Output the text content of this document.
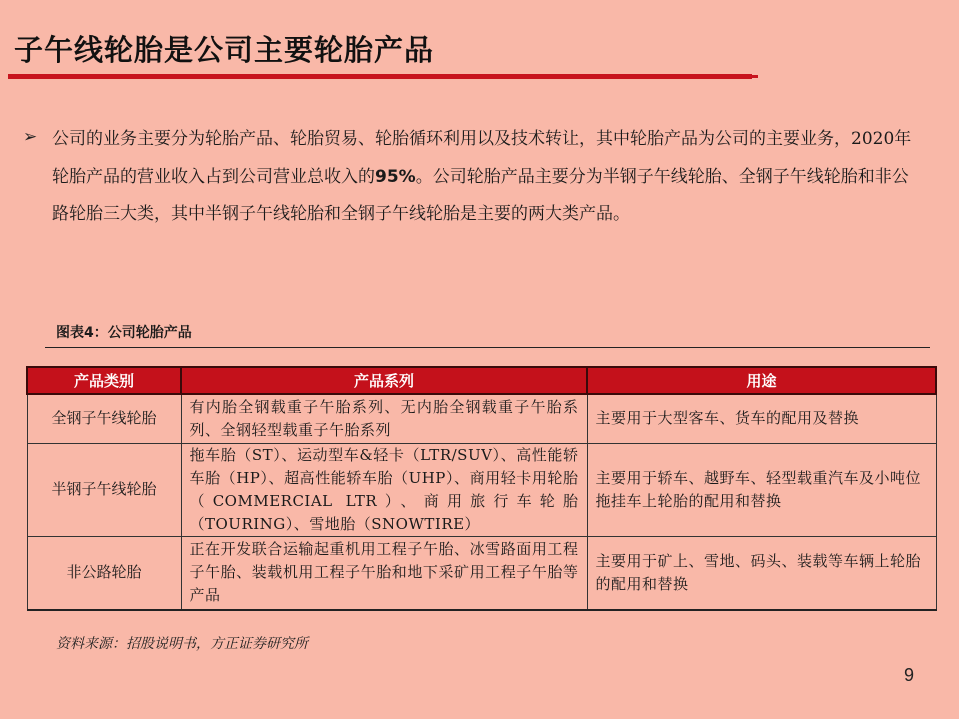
子午线轮胎是公司主要轮胎产品
➢ 公司的业务主要分为轮胎产品、轮胎贸易、轮胎循环利用以及技术转让，其中轮胎产品为公司的主要业务，2020年轮胎产品的营业收入占到公司营业总收入的95%。公司轮胎产品主要分为半钢子午线轮胎、全钢子午线轮胎和非公路轮胎三大类，其中半钢子午线轮胎和全钢子午线轮胎是主要的两大类产品。
图表4：公司轮胎产品
产品类别	产品系列	用途
全钢子午线轮胎	有内胎全钢载重子午胎系列、无内胎全钢载重子午胎系列、全钢轻型载重子午胎系列	主要用于大型客车、货车的配用及替换
半钢子午线轮胎	拖车胎（ST）、运动型车&轻卡（LTR/SUV）、高性能轿车胎（HP）、超高性能轿车胎（UHP）、商用轻卡用轮胎（COMMERCIAL LTR）、商用旅行车轮胎（TOURING）、雪地胎（SNOWTIRE）	主要用于轿车、越野车、轻型载重汽车及小吨位拖挂车上轮胎的配用和替换
非公路轮胎	正在开发联合运输起重机用工程子午胎、冰雪路面用工程子午胎、装载机用工程子午胎和地下采矿用工程子午胎等产品	主要用于矿上、雪地、码头、装载等车辆上轮胎的配用和替换
资料来源：招股说明书，方正证券研究所
9
